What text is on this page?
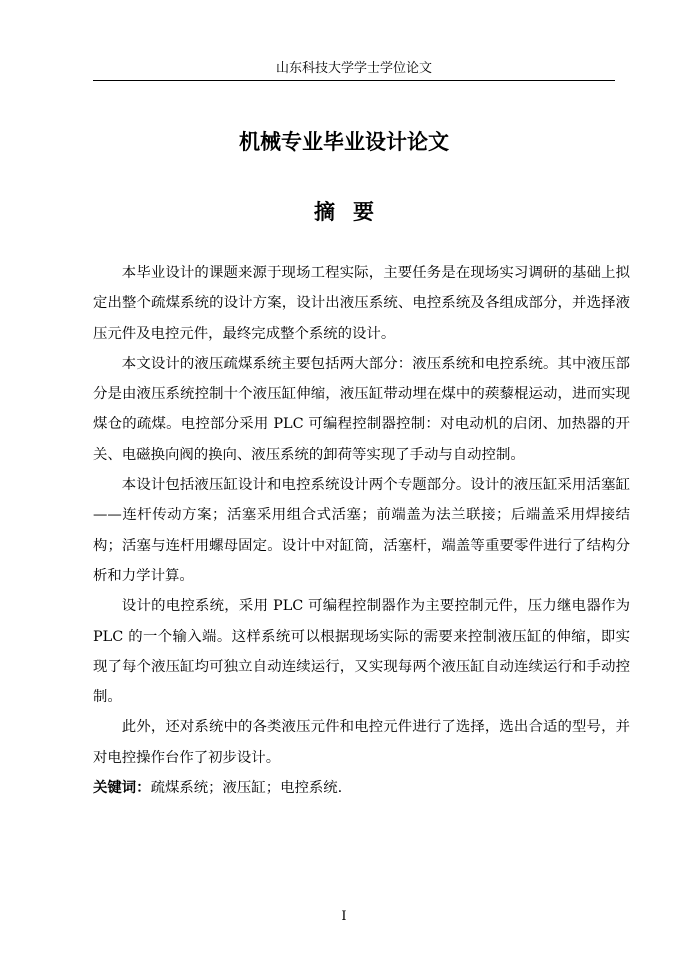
山东科技大学学士学位论文
机械专业毕业设计论文
摘要

本毕业设计的课题来源于现场工程实际，主要任务是在现场实习调研的基础上拟定出整个疏煤系统的设计方案，设计出液压系统、电控系统及各组成部分，并选择液压元件及电控元件，最终完成整个系统的设计。

本文设计的液压疏煤系统主要包括两大部分：液压系统和电控系统。其中液压部分是由液压系统控制十个液压缸伸缩，液压缸带动埋在煤中的蒺藜棍运动，进而实现煤仓的疏煤。电控部分采用 PLC 可编程控制器控制：对电动机的启闭、加热器的开关、电磁换向阀的换向、液压系统的卸荷等实现了手动与自动控制。

本设计包括液压缸设计和电控系统设计两个专题部分。设计的液压缸采用活塞缸——连杆传动方案；活塞采用组合式活塞；前端盖为法兰联接；后端盖采用焊接结构；活塞与连杆用螺母固定。设计中对缸筒，活塞杆，端盖等重要零件进行了结构分析和力学计算。

设计的电控系统，采用 PLC 可编程控制器作为主要控制元件，压力继电器作为 PLC 的一个输入端。这样系统可以根据现场实际的需要来控制液压缸的伸缩，即实现了每个液压缸均可独立自动连续运行，又实现每两个液压缸自动连续运行和手动控制。

此外，还对系统中的各类液压元件和电控元件进行了选择，选出合适的型号，并对电控操作台作了初步设计。

关键词：疏煤系统；液压缸；电控系统.

I
